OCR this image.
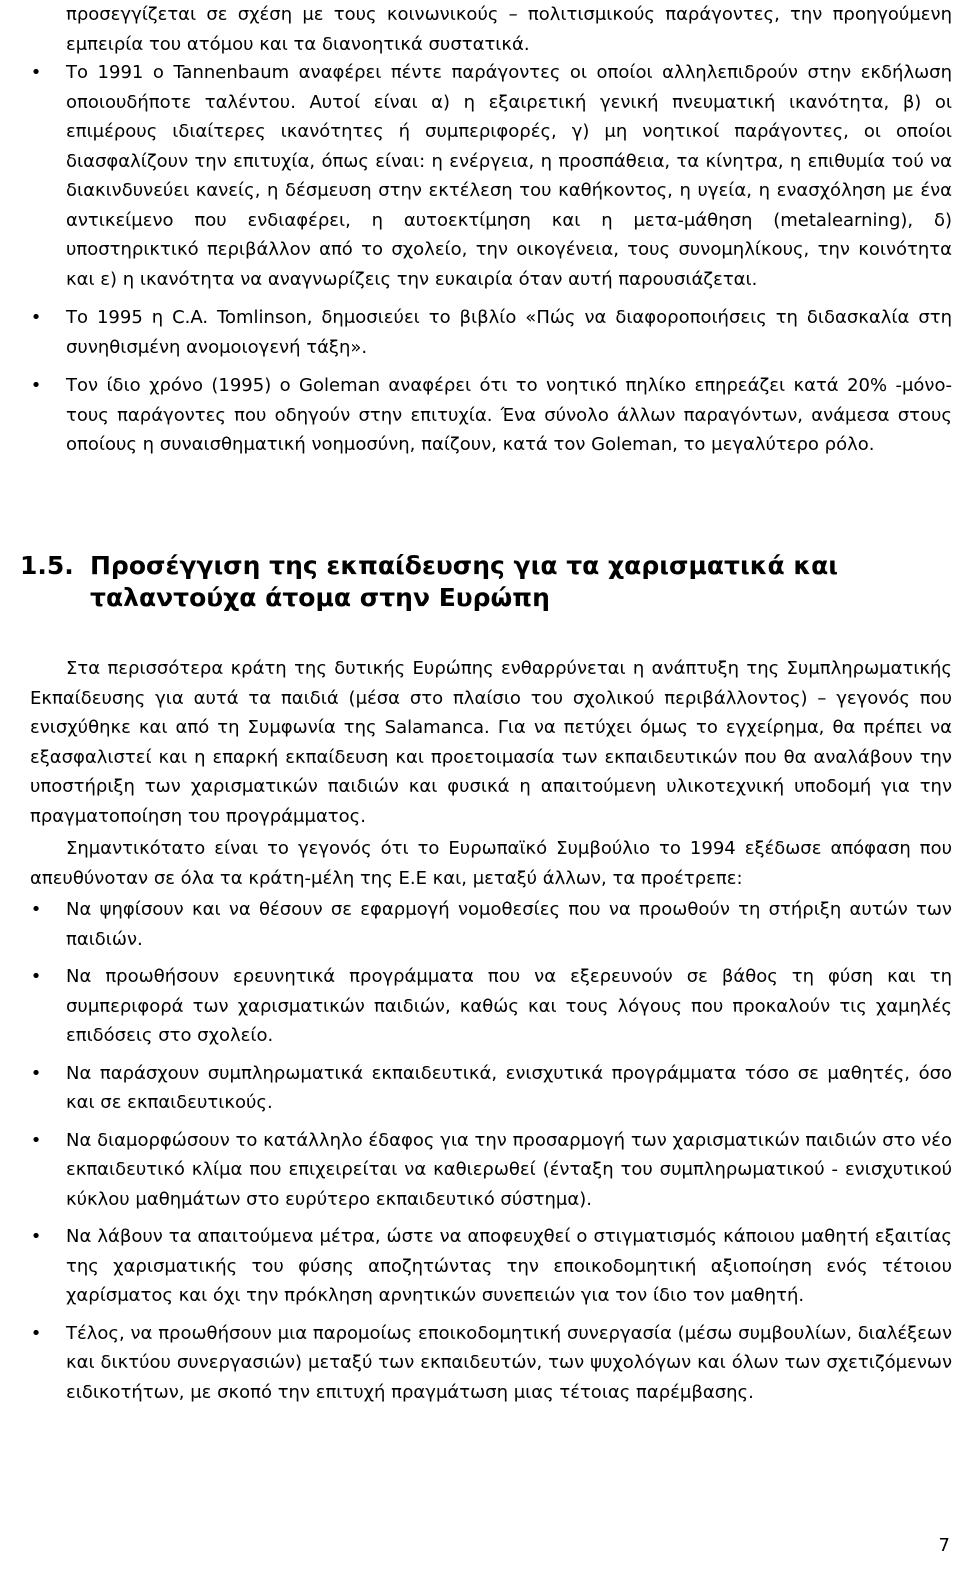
προσεγγίζεται σε σχέση με τους κοινωνικούς – πολιτισμικούς παράγοντες, την προηγούμενη εμπειρία του ατόμου και τα διανοητικά συστατικά.
• Το 1991 ο Tannenbaum αναφέρει πέντε παράγοντες οι οποίοι αλληλεπιδρούν στην εκδήλωση οποιουδήποτε ταλέντου. Αυτοί είναι α) η εξαιρετική γενική πνευματική ικανότητα, β) οι επιμέρους ιδιαίτερες ικανότητες ή συμπεριφορές, γ) μη νοητικοί παράγοντες, οι οποίοι διασφαλίζουν την επιτυχία, όπως είναι: η ενέργεια, η προσπάθεια, τα κίνητρα, η επιθυμία τού να διακινδυνεύει κανείς, η δέσμευση στην εκτέλεση του καθήκοντος, η υγεία, η ενασχόληση με ένα αντικείμενο που ενδιαφέρει, η αυτοεκτίμηση και η μετα-μάθηση (metalearning), δ) υποστηρικτικό περιβάλλον από το σχολείο, την οικογένεια, τους συνομηλίκους, την κοινότητα και ε) η ικανότητα να αναγνωρίζεις την ευκαιρία όταν αυτή παρουσιάζεται.
• Το 1995 η C.A. Tomlinson, δημοσιεύει το βιβλίο «Πώς να διαφοροποιήσεις τη διδασκαλία στη συνηθισμένη ανομοιογενή τάξη».
• Τον ίδιο χρόνο (1995) ο Goleman αναφέρει ότι το νοητικό πηλίκο επηρεάζει κατά 20% -μόνο- τους παράγοντες που οδηγούν στην επιτυχία. Ένα σύνολο άλλων παραγόντων, ανάμεσα στους οποίους η συναισθηματική νοημοσύνη, παίζουν, κατά τον Goleman, το μεγαλύτερο ρόλο.
1.5. Προσέγγιση της εκπαίδευσης για τα χαρισματικά και ταλαντούχα άτομα στην Ευρώπη

Στα περισσότερα κράτη της δυτικής Ευρώπης ενθαρρύνεται η ανάπτυξη της Συμπληρωματικής Εκπαίδευσης για αυτά τα παιδιά (μέσα στο πλαίσιο του σχολικού περιβάλλοντος) – γεγονός που ενισχύθηκε και από τη Συμφωνία της Salamanca. Για να πετύχει όμως το εγχείρημα, θα πρέπει να εξασφαλιστεί και η επαρκή εκπαίδευση και προετοιμασία των εκπαιδευτικών που θα αναλάβουν την υποστήριξη των χαρισματικών παιδιών και φυσικά η απαιτούμενη υλικοτεχνική υποδομή για την πραγματοποίηση του προγράμματος.

Σημαντικότατο είναι το γεγονός ότι το Ευρωπαϊκό Συμβούλιο το 1994 εξέδωσε απόφαση που απευθύνοταν σε όλα τα κράτη-μέλη της Ε.Ε και, μεταξύ άλλων, τα προέτρεπε:

• Να ψηφίσουν και να θέσουν σε εφαρμογή νομοθεσίες που να προωθούν τη στήριξη αυτών των παιδιών.
• Να προωθήσουν ερευνητικά προγράμματα που να εξερευνούν σε βάθος τη φύση και τη συμπεριφορά των χαρισματικών παιδιών, καθώς και τους λόγους που προκαλούν τις χαμηλές επιδόσεις στο σχολείο.
• Να παράσχουν συμπληρωματικά εκπαιδευτικά, ενισχυτικά προγράμματα τόσο σε μαθητές, όσο και σε εκπαιδευτικούς.
• Να διαμορφώσουν το κατάλληλο έδαφος για την προσαρμογή των χαρισματικών παιδιών στο νέο εκπαιδευτικό κλίμα που επιχειρείται να καθιερωθεί (ένταξη του συμπληρωματικού - ενισχυτικού κύκλου μαθημάτων στο ευρύτερο εκπαιδευτικό σύστημα).
• Να λάβουν τα απαιτούμενα μέτρα, ώστε να αποφευχθεί ο στιγματισμός κάποιου μαθητή εξαιτίας της χαρισματικής του φύσης αποζητώντας την εποικοδομητική αξιοποίηση ενός τέτοιου χαρίσματος και όχι την πρόκληση αρνητικών συνεπειών για τον ίδιο τον μαθητή.
• Τέλος, να προωθήσουν μια παρομοίως εποικοδομητική συνεργασία (μέσω συμβουλίων, διαλέξεων και δικτύου συνεργασιών) μεταξύ των εκπαιδευτών, των ψυχολόγων και όλων των σχετιζόμενων ειδικοτήτων, με σκοπό την επιτυχή πραγμάτωση μιας τέτοιας παρέμβασης.
7
